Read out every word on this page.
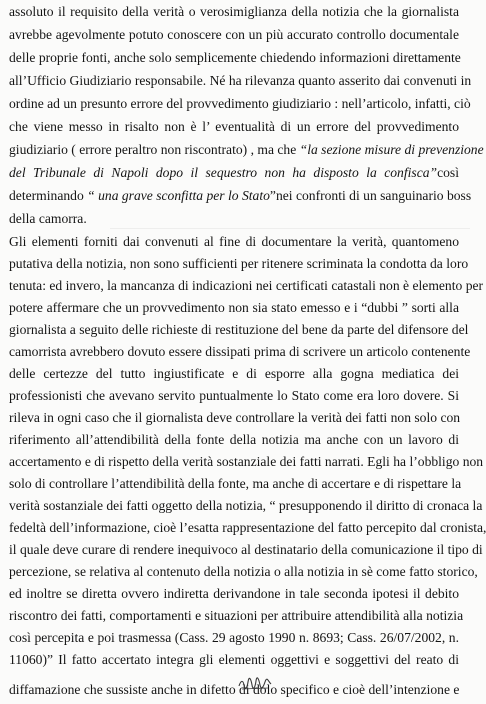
assoluto il requisito della verità o verosimiglianza della notizia che la giornalista
avrebbe agevolmente potuto conoscere con un più accurato controllo documentale
delle proprie fonti, anche solo semplicemente chiedendo informazioni direttamente
all’Ufficio Giudiziario responsabile. Né ha rilevanza quanto asserito dai convenuti in
ordine ad un presunto errore del provvedimento giudiziario : nell’articolo, infatti, ciò
che viene messo in risalto non è l’ eventualità di un errore del provvedimento
giudiziario ( errore peraltro non riscontrato) , ma che “la sezione misure di prevenzione
del Tribunale di Napoli dopo il sequestro non ha disposto la confisca”così
determinando “ una grave sconfitta per lo Stato”nei confronti di un sanguinario boss
della camorra.
Gli elementi forniti dai convenuti al fine di documentare la verità, quantomeno
putativa della notizia, non sono sufficienti per ritenere scriminata la condotta da loro
tenuta: ed invero, la mancanza di indicazioni nei certificati catastali non è elemento per
potere affermare che un provvedimento non sia stato emesso e i “dubbi ” sorti alla
giornalista a seguito delle richieste di restituzione del bene da parte del difensore del
camorrista avrebbero dovuto essere dissipati prima di scrivere un articolo contenente
delle certezze del tutto ingiustificate e di esporre alla gogna mediatica dei
professionisti che avevano servito puntualmente lo Stato come era loro dovere. Si
rileva in ogni caso che il giornalista deve controllare la verità dei fatti non solo con
riferimento all’attendibilità della fonte della notizia ma anche con un lavoro di
accertamento e di rispetto della verità sostanziale dei fatti narrati. Egli ha l’obbligo non
solo di controllare l’attendibilità della fonte, ma anche di accertare e di rispettare la
verità sostanziale dei fatti oggetto della notizia, “ presupponendo il diritto di cronaca la
fedeltà dell’informazione, cioè l’esatta rappresentazione del fatto percepito dal cronista,
il quale deve curare di rendere inequivoco al destinatario della comunicazione il tipo di
percezione, se relativa al contenuto della notizia o alla notizia in sè come fatto storico,
ed inoltre se diretta ovvero indiretta derivandone in tale seconda ipotesi il debito
riscontro dei fatti, comportamenti e situazioni per attribuire attendibilità alla notizia
così percepita e poi trasmessa (Cass. 29 agosto 1990 n. 8693; Cass. 26/07/2002, n.
11060)” Il fatto accertato integra gli elementi oggettivi e soggettivi del reato di
diffamazione che sussiste anche in difetto di dolo specifico e cioè dell’intenzione e
